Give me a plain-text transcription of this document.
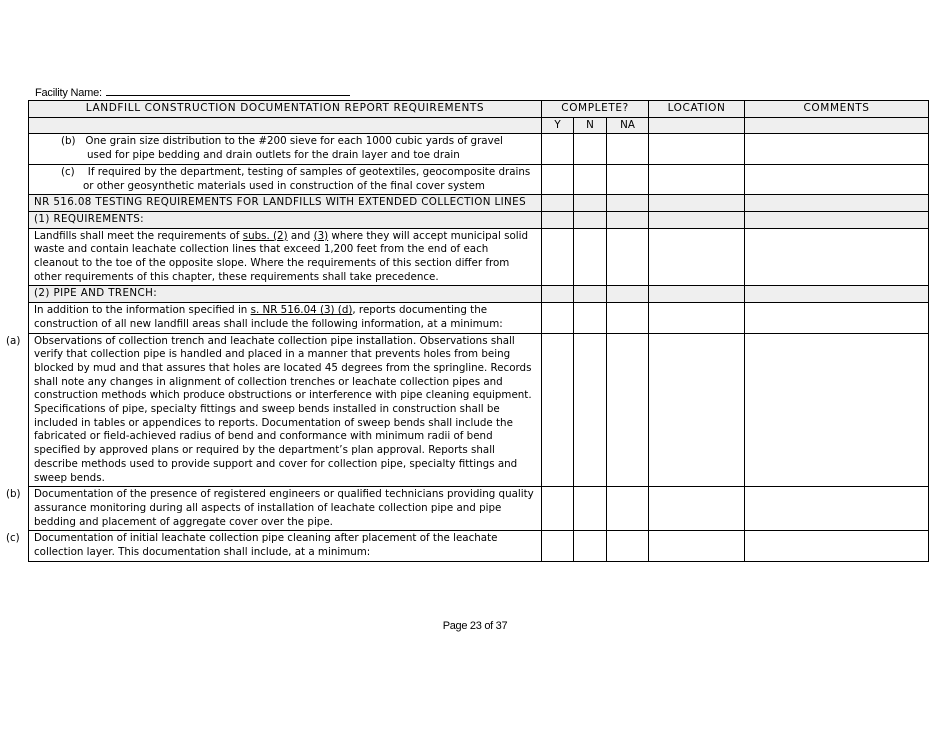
Facility Name:
LANDFILL CONSTRUCTION DOCUMENTATION REPORT REQUIREMENTS	COMPLETE?			LOCATION	COMMENTS
	Y	N	NA		

(b) One grain size distribution to the #200 sieve for each 1000 cubic yards of gravel
used for pipe bedding and drain outlets for the drain layer and toe drain					

(c) If required by the department, testing of samples of geotextiles, geocomposite drains
or other geosynthetic materials used in construction of the final cover system					

NR 516.08 TESTING REQUIREMENTS FOR LANDFILLS WITH EXTENDED COLLECTION LINES					
(1) REQUIREMENTS:					
Landfills shall meet the requirements of subs. (2) and (3) where they will accept municipal solid waste and contain leachate collection lines that exceed 1,200 feet from the end of each cleanout to the toe of the opposite slope. Where the requirements of this section differ from other requirements of this chapter, these requirements shall take precedence.					
(2) PIPE AND TRENCH:					
In addition to the information specified in s. NR 516.04 (3) (d), reports documenting the construction of all new landfill areas shall include the following information, at a minimum:					
(a) Observations of collection trench and leachate collection pipe installation. Observations shall verify that collection pipe is handled and placed in a manner that prevents holes from being blocked by mud and that assures that holes are located 45 degrees from the springline. Records shall note any changes in alignment of collection trenches or leachate collection pipes and construction methods which produce obstructions or interference with pipe cleaning equipment. Specifications of pipe, specialty fittings and sweep bends installed in construction shall be included in tables or appendices to reports. Documentation of sweep bends shall include the fabricated or field-achieved radius of bend and conformance with minimum radii of bend specified by approved plans or required by the department’s plan approval. Reports shall describe methods used to provide support and cover for collection pipe, specialty fittings and sweep bends.					
(b) Documentation of the presence of registered engineers or qualified technicians providing quality assurance monitoring during all aspects of installation of leachate collection pipe and pipe bedding and placement of aggregate cover over the pipe.					
(c) Documentation of initial leachate collection pipe cleaning after placement of the leachate collection layer. This documentation shall include, at a minimum:					
Page 23 of 37
